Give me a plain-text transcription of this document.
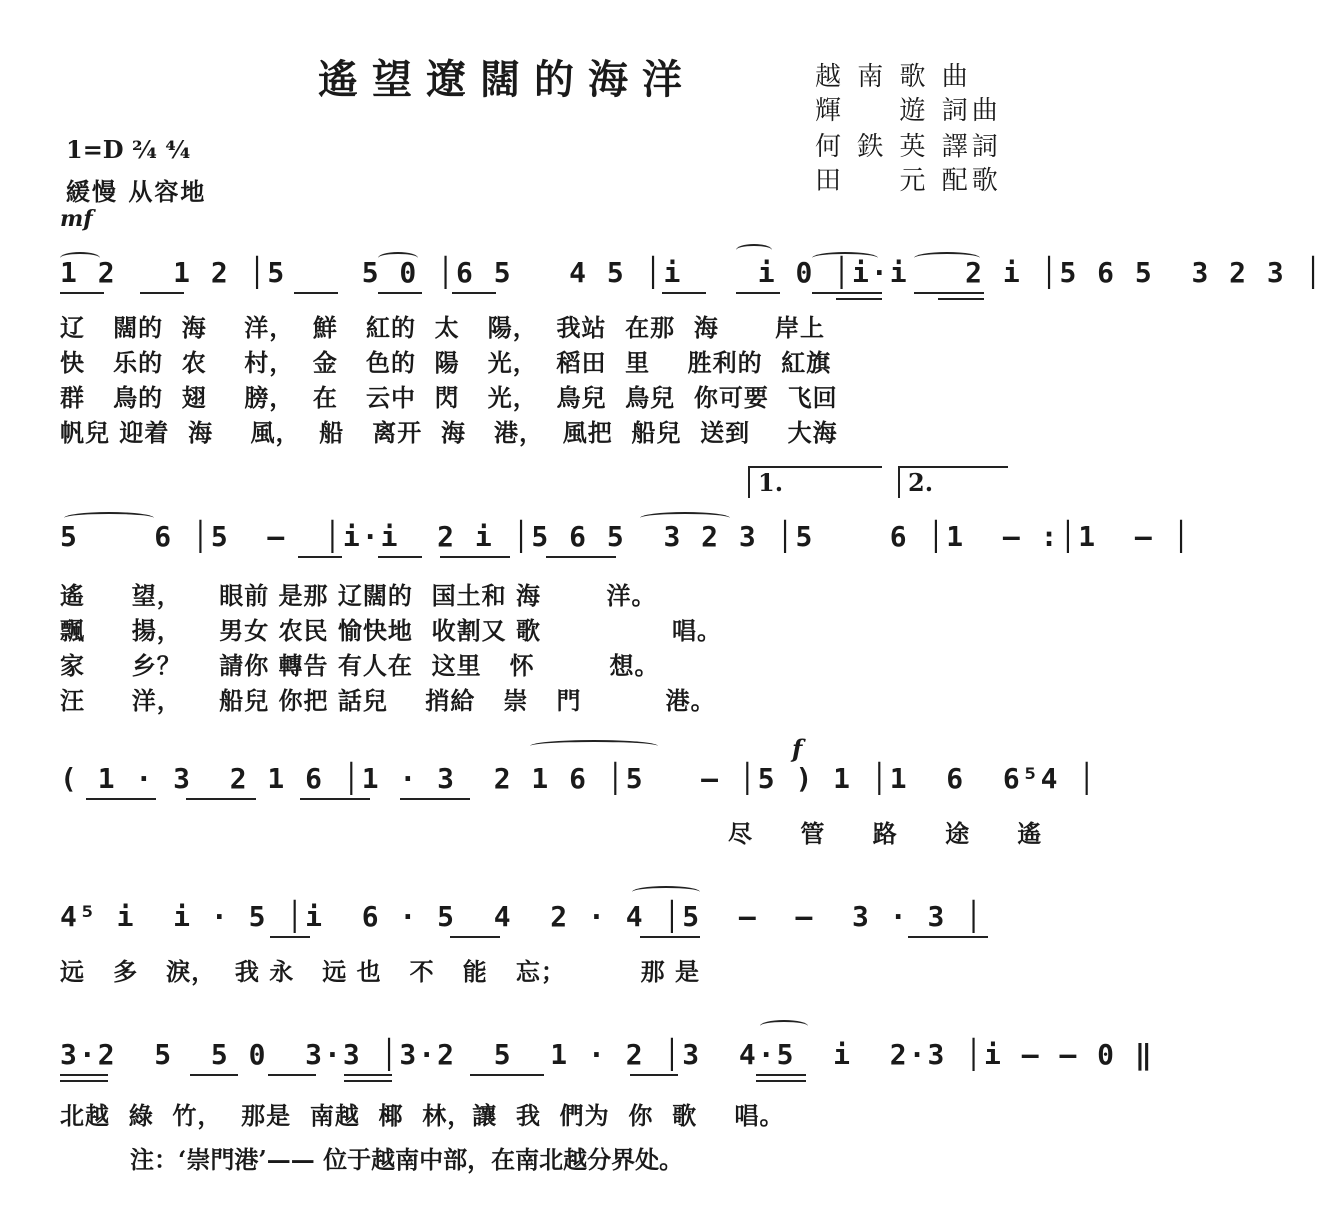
遙望遼闊的海洋	越 南 歌 曲
輝 　 遊 詞曲
何 鉄 英 譯詞
田 　 元 配歌
1=D ²⁄₄ ⁴⁄₄
緩慢 从容地
mf
1 2   1 2 │5    5 0 │6 5   4 5 │i    i 0 │i·i   2 i │5 6 5  3 2 3 │
辽   闊的  海    洋，  鮮   紅的  太   陽，  我站  在那  海      岸上
快   乐的  农    村，  金   色的  陽   光，  稻田  里    胜利的  紅旗
群   鳥的  翅    膀，  在   云中  閃   光，  鳥兒  鳥兒  你可要  飞回
帆兒 迎着  海    風，  船   离开  海   港，  風把  船兒  送到    大海
1.	2.
5    6 │5  —  │i·i  2 i │5 6 5  3 2 3 │5    6 │1  — :│1  — │
遙     望，    眼前 是那 辽闊的  国土和 海       洋。
飄     揚，    男女 农民 愉快地  收割又 歌              唱。
家     乡？    請你 轉告 有人在  这里   怀        想。
汪     洋，    船兒 你把 話兒    捎給   崇   門         港。
f
( 1 · 3  2 1 6 │1 · 3  2 1 6 │5   — │5 ) 1 │1  6  6⁵4 │
尽 管 路 途 遙
4⁵ i  i · 5 │i  6 · 5  4  2 · 4 │5  —  —  3 · 3 │
远   多   淚，  我 永   远 也   不   能   忘；        那 是
3·2  5  5 0  3·3 │3·2  5  1 · 2 │3  4·5  i  2·3 │i — — 0 ‖
北越  綠  竹，  那是  南越  椰  林，讓  我  們为  你  歌    唱。
注：‘崇門港’—— 位于越南中部，在南北越分界处。
